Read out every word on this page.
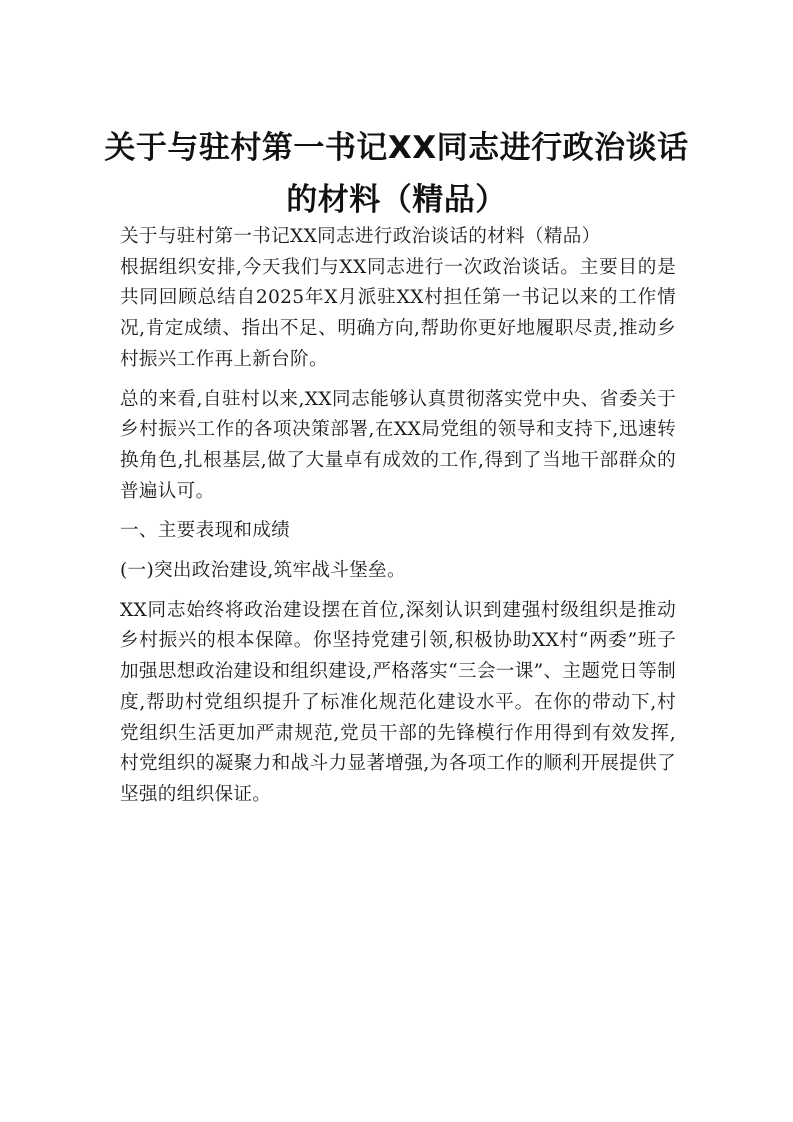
关于与驻村第一书记XX同志进行政治谈话
的材料（精品）

关于与驻村第一书记XX同志进行政治谈话的材料（精品）

根据组织安排,今天我们与XX同志进行一次政治谈话。主要目的是共同回顾总结自2025年X月派驻XX村担任第一书记以来的工作情况,肯定成绩、指出不足、明确方向,帮助你更好地履职尽责,推动乡村振兴工作再上新台阶。

总的来看,自驻村以来,XX同志能够认真贯彻落实党中央、省委关于乡村振兴工作的各项决策部署,在XX局党组的领导和支持下,迅速转换角色,扎根基层,做了大量卓有成效的工作,得到了当地干部群众的普遍认可。

一、主要表现和成绩

(一)突出政治建设,筑牢战斗堡垒。

XX同志始终将政治建设摆在首位,深刻认识到建强村级组织是推动乡村振兴的根本保障。你坚持党建引领,积极协助XX村“两委”班子加强思想政治建设和组织建设,严格落实“三会一课”、主题党日等制度,帮助村党组织提升了标准化规范化建设水平。在你的带动下,村党组织生活更加严肃规范,党员干部的先锋模行作用得到有效发挥,村党组织的凝聚力和战斗力显著增强,为各项工作的顺利开展提供了坚强的组织保证。
